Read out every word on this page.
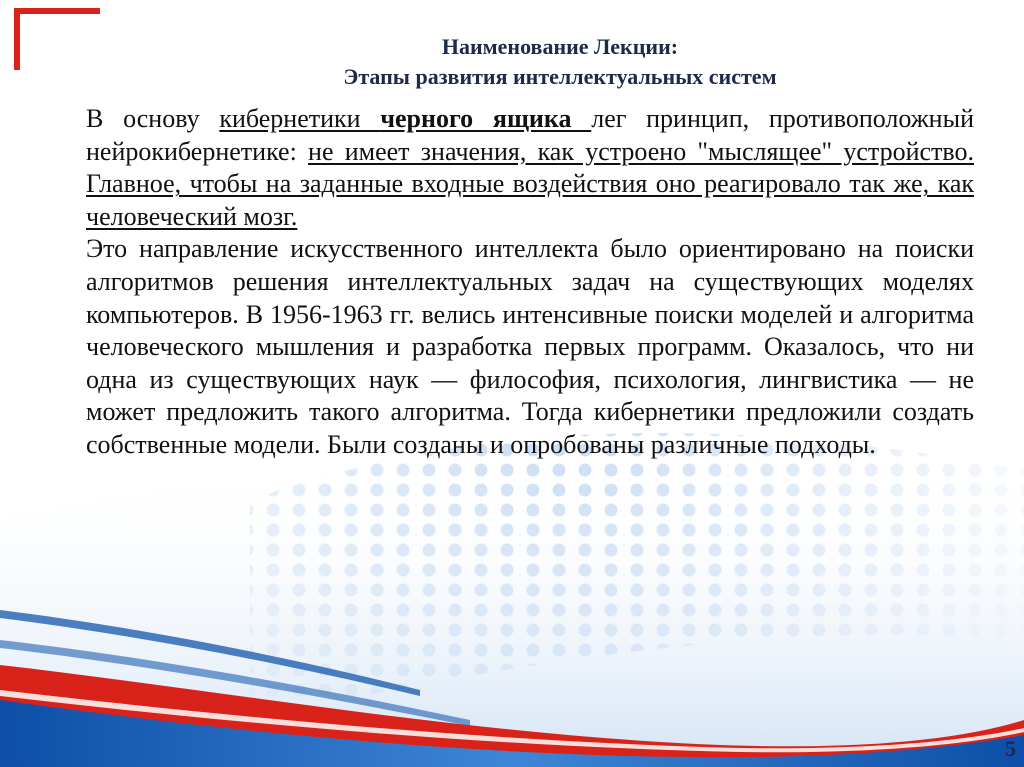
Наименование Лекции:
Этапы развития интеллектуальных систем

В основу кибернетики черного ящика лег принцип, противоположный нейрокибернетике: не имеет значения, как устроено "мыслящее" устройство. Главное, чтобы на заданные входные воздействия оно реагировало так же, как человеческий мозг.

Это направление искусственного интеллекта было ориентировано на поиски алгоритмов решения интеллектуальных задач на существующих моделях компьютеров. В 1956-1963 гг. велись интенсивные поиски моделей и алгоритма человеческого мышления и разработка первых программ. Оказалось, что ни одна из существующих наук — философия, психология, лингвистика — не может предложить такого алгоритма. Тогда кибернетики предложили создать собственные модели. Были созданы и опробованы различные подходы.

5
